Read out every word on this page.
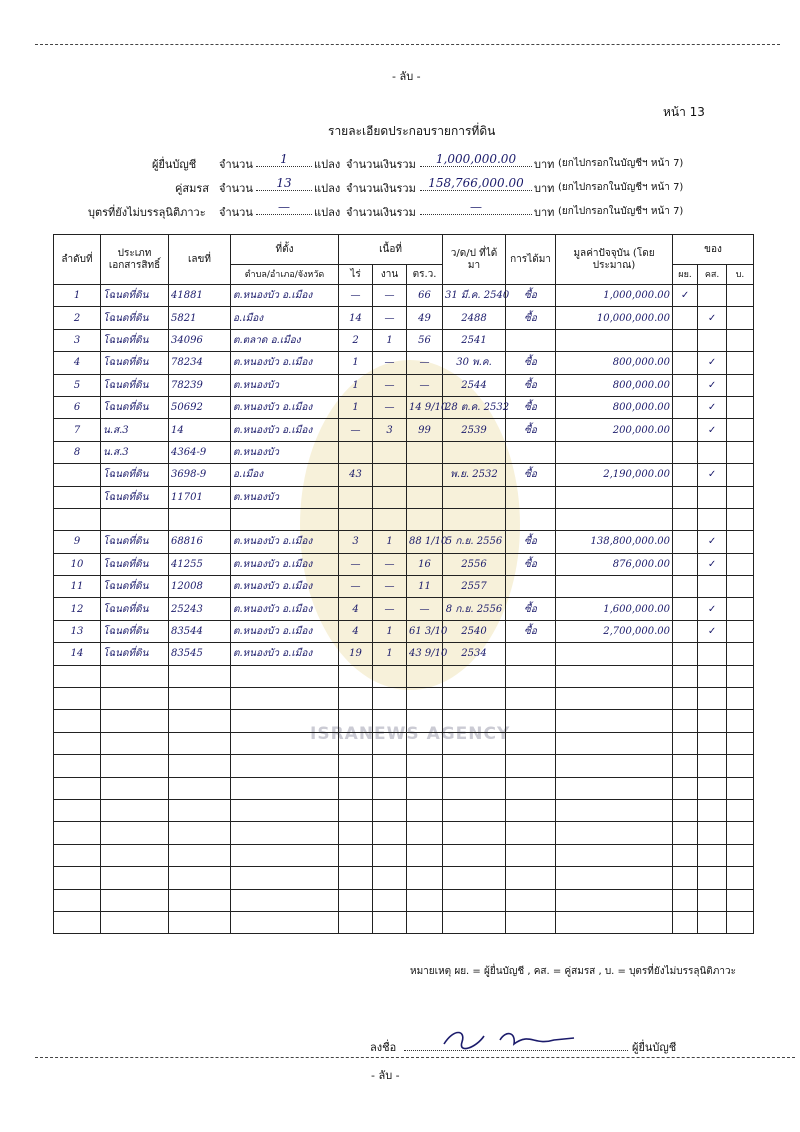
- ลับ -
หน้า 13
รายละเอียดประกอบรายการที่ดิน
ISRANEWS AGENCY
ผู้ยื่นบัญชี จำนวน	1	แปลง จำนวนเงินรวม	1,000,000.00	บาท (ยกไปกรอกในบัญชีฯ หน้า 7)
คู่สมรส จำนวน	13	แปลง จำนวนเงินรวม	158,766,000.00 บาท (ยกไปกรอกในบัญชีฯ หน้า 7)
บุตรที่ยังไม่บรรลุนิติภาวะ จำนวน	—	แปลง จำนวนเงินรวม	—	บาท (ยกไปกรอกในบัญชีฯ หน้า 7)
ลำดับที่	ประเภทเอกสารสิทธิ์	เลขที่	ที่ตั้ง	เนื้อที่			ว/ด/ป ที่ได้มา	การได้มา	มูลค่าปัจจุบัน (โดยประมาณ)	ของ		
			ตำบล/อำเภอ/จังหวัด	ไร่	งาน	ตร.ว.				ผย.	คส.	บ.
1	โฉนดที่ดิน	41881	ต.หนองบัว อ.เมือง	—	—	66	31 มี.ค. 2540	ซื้อ	1,000,000.00	✓		
2	โฉนดที่ดิน	5821	อ.เมือง	14	—	49	2488	ซื้อ	10,000,000.00		✓	
3	โฉนดที่ดิน	34096	ต.ตลาด อ.เมือง	2	1	56	2541					
4	โฉนดที่ดิน	78234	ต.หนองบัว อ.เมือง	1	—	—	30 พ.ค.	ซื้อ	800,000.00		✓	
5	โฉนดที่ดิน	78239	ต.หนองบัว	1	—	—	2544	ซื้อ	800,000.00		✓	
6	โฉนดที่ดิน	50692	ต.หนองบัว อ.เมือง	1	—	14 9/10	28 ต.ค. 2532	ซื้อ	800,000.00		✓	
7	น.ส.3	14	ต.หนองบัว อ.เมือง	—	3	99	2539	ซื้อ	200,000.00		✓	
8	น.ส.3	4364-9	ต.หนองบัว									
	โฉนดที่ดิน	3698-9	อ.เมือง	43			พ.ย. 2532	ซื้อ	2,190,000.00		✓	
	โฉนดที่ดิน	11701	ต.หนองบัว									

9	โฉนดที่ดิน	68816	ต.หนองบัว อ.เมือง	3	1	88 1/10	5 ก.ย. 2556	ซื้อ	138,800,000.00		✓	
10	โฉนดที่ดิน	41255	ต.หนองบัว อ.เมือง	—	—	16	2556	ซื้อ	876,000.00		✓	
11	โฉนดที่ดิน	12008	ต.หนองบัว อ.เมือง	—	—	11	2557					
12	โฉนดที่ดิน	25243	ต.หนองบัว อ.เมือง	4	—	—	8 ก.ย. 2556	ซื้อ	1,600,000.00		✓	
13	โฉนดที่ดิน	83544	ต.หนองบัว อ.เมือง	4	1	61 3/10	2540	ซื้อ	2,700,000.00		✓	
14	โฉนดที่ดิน	83545	ต.หนองบัว อ.เมือง	19	1	43 9/10	2534					

หมายเหตุ ผย. = ผู้ยื่นบัญชี , คส. = คู่สมรส , บ. = บุตรที่ยังไม่บรรลุนิติภาวะ
ลงชื่อ	ผู้ยื่นบัญชี
- ลับ -
